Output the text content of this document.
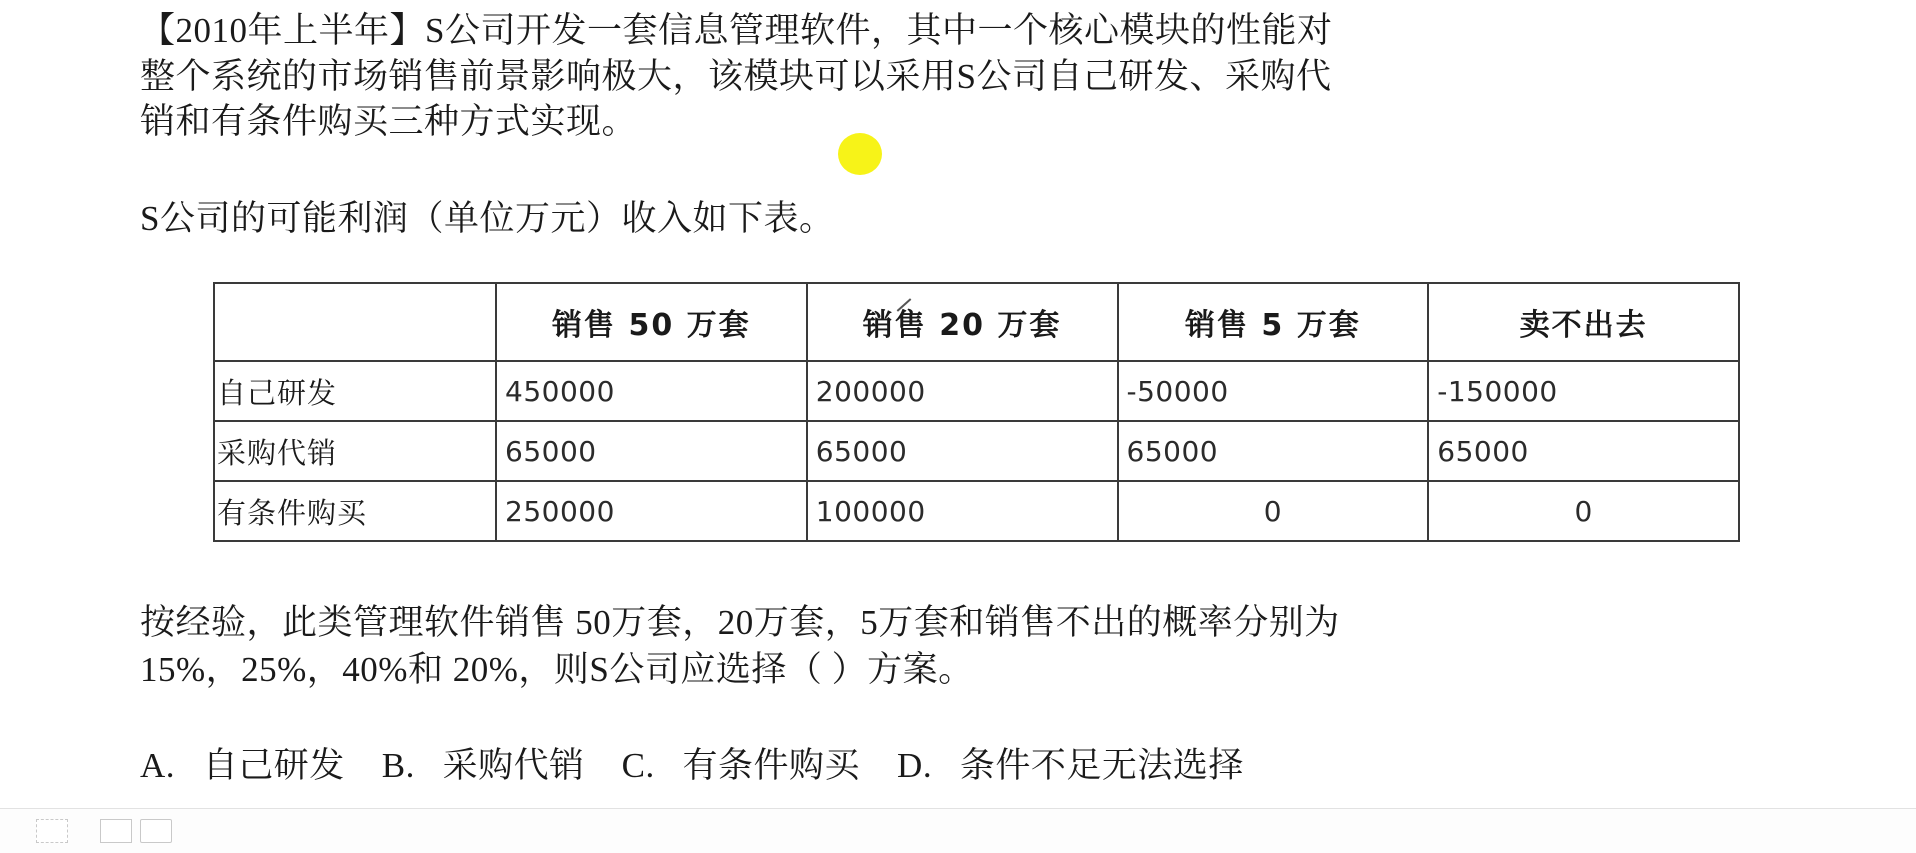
【2010年上半年】S公司开发一套信息管理软件，其中一个核心模块的性能对
整个系统的市场销售前景影响极大，该模块可以采用S公司自己研发、采购代
销和有条件购买三种方式实现。
S公司的可能利润（单位万元）收入如下表。
	销售 50 万套	销售 20 万套	销售 5 万套	卖不出去
自己研发	450000	200000	-50000	-150000
采购代销	65000	65000	65000	65000
有条件购买	250000	100000	0	0
按经验，此类管理软件销售 50万套，20万套，5万套和销售不出的概率分别为
15%，25%，40%和 20%，则S公司应选择（ ）方案。
A. 自己研发 B. 采购代销 C. 有条件购买 D. 条件不足无法选择
